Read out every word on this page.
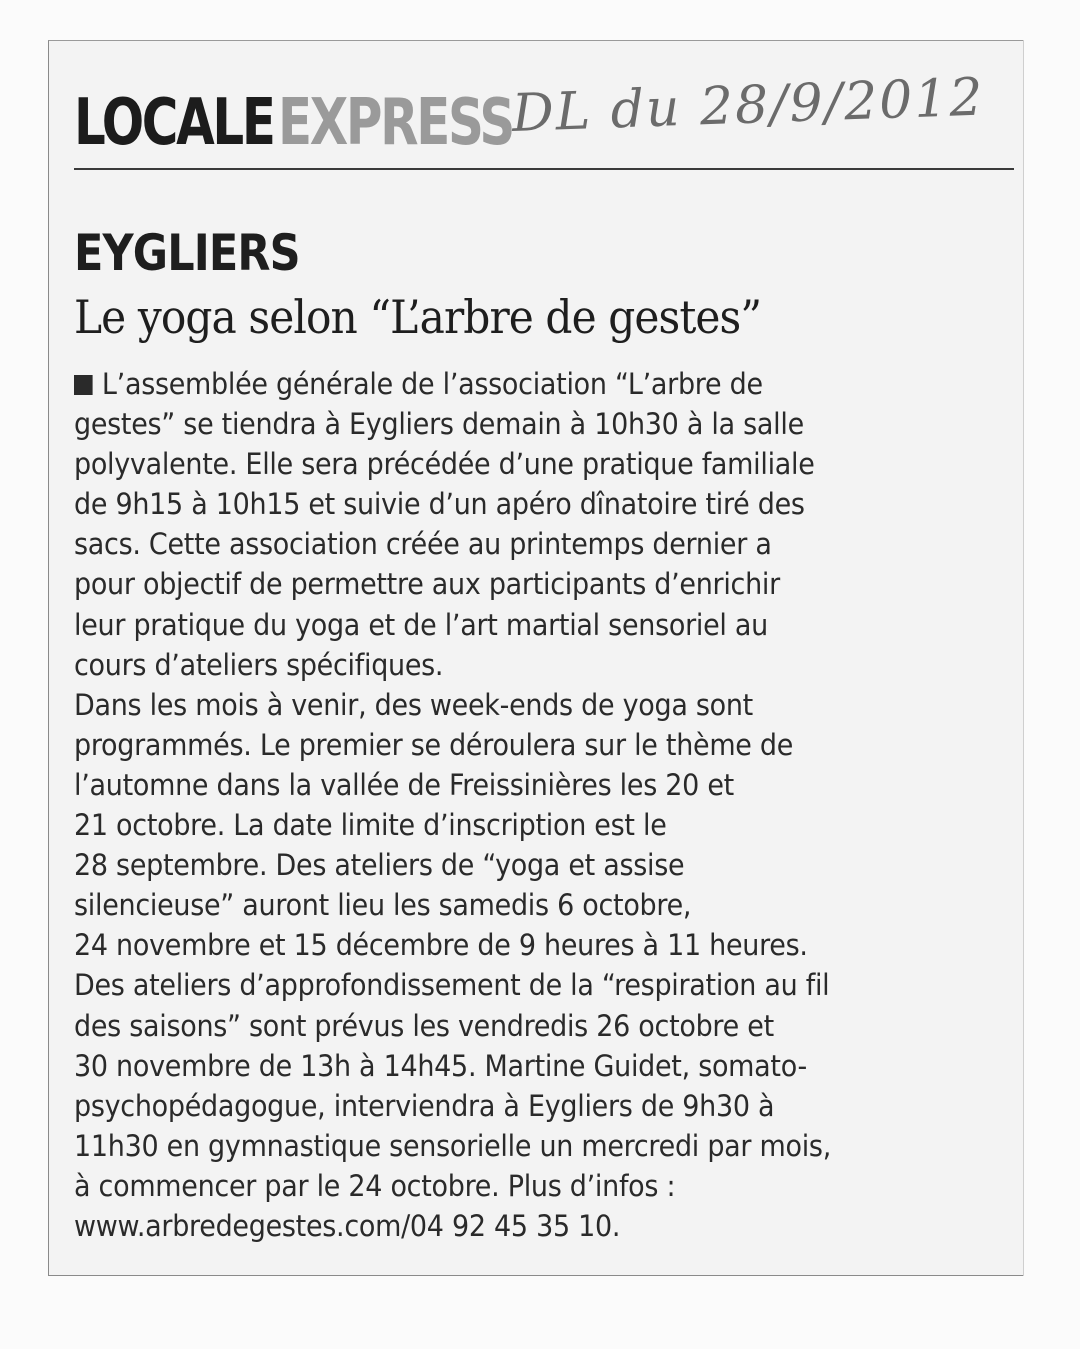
LOCALE EXPRESS
DL du 28/9/2012
EYGLIERS
Le yoga selon “L’arbre de gestes”
L’assemblée générale de l’association “L’arbre de
gestes” se tiendra à Eygliers demain à 10h30 à la salle
polyvalente. Elle sera précédée d’une pratique familiale
de 9h15 à 10h15 et suivie d’un apéro dînatoire tiré des
sacs. Cette association créée au printemps dernier a
pour objectif de permettre aux participants d’enrichir
leur pratique du yoga et de l’art martial sensoriel au
cours d’ateliers spécifiques.
Dans les mois à venir, des week-ends de yoga sont
programmés. Le premier se déroulera sur le thème de
l’automne dans la vallée de Freissinières les 20 et
21 octobre. La date limite d’inscription est le
28 septembre. Des ateliers de “yoga et assise
silencieuse” auront lieu les samedis 6 octobre,
24 novembre et 15 décembre de 9 heures à 11 heures.
Des ateliers d’approfondissement de la “respiration au fil
des saisons” sont prévus les vendredis 26 octobre et
30 novembre de 13h à 14h45. Martine Guidet, somato-
psychopédagogue, interviendra à Eygliers de 9h30 à
11h30 en gymnastique sensorielle un mercredi par mois,
à commencer par le 24 octobre. Plus d’infos :
www.arbredegestes.com/04 92 45 35 10.
